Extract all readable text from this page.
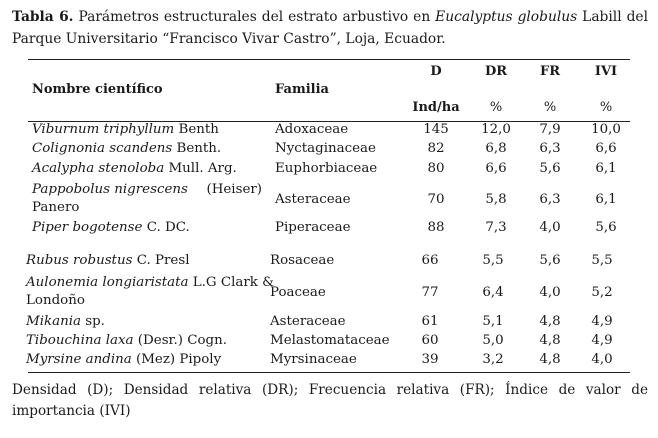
Tabla 6. Parámetros estructurales del estrato arbustivo en Eucalyptus globulus Labill del Parque Universitario “Francisco Vivar Castro”, Loja, Ecuador.
Nombre científico	Familia
D	DR	FR	IVI
Ind/ha	%	%	%
Viburnum triphyllum Benth	Adoxaceae	145	12,0	7,9	10,0
Colignonia scandens Benth.	Nyctaginaceae	82	6,8	6,3	6,6
Acalypha stenoloba Mull. Arg.	Euphorbiaceae	80	6,6	5,6	6,1
Pappobolus nigrescens (Heiser)
Panero
Asteraceae	70	5,8	6,3	6,1
Piper bogotense C. DC.	Piperaceae	88	7,3	4,0	5,6
Rubus robustus C. Presl	Rosaceae	66	5,5	5,6	5,5
Aulonemia longiaristata L.G Clark &
Londoño
Poaceae	77	6,4	4,0	5,2
Mikania sp.	Asteraceae	61	5,1	4,8	4,9
Tibouchina laxa (Desr.) Cogn.	Melastomataceae	60	5,0	4,8	4,9
Myrsine andina (Mez) Pipoly	Myrsinaceae	39	3,2	4,8	4,0
Densidad (D); Densidad relativa (DR); Frecuencia relativa (FR); Índice de valor de importancia (IVI)
